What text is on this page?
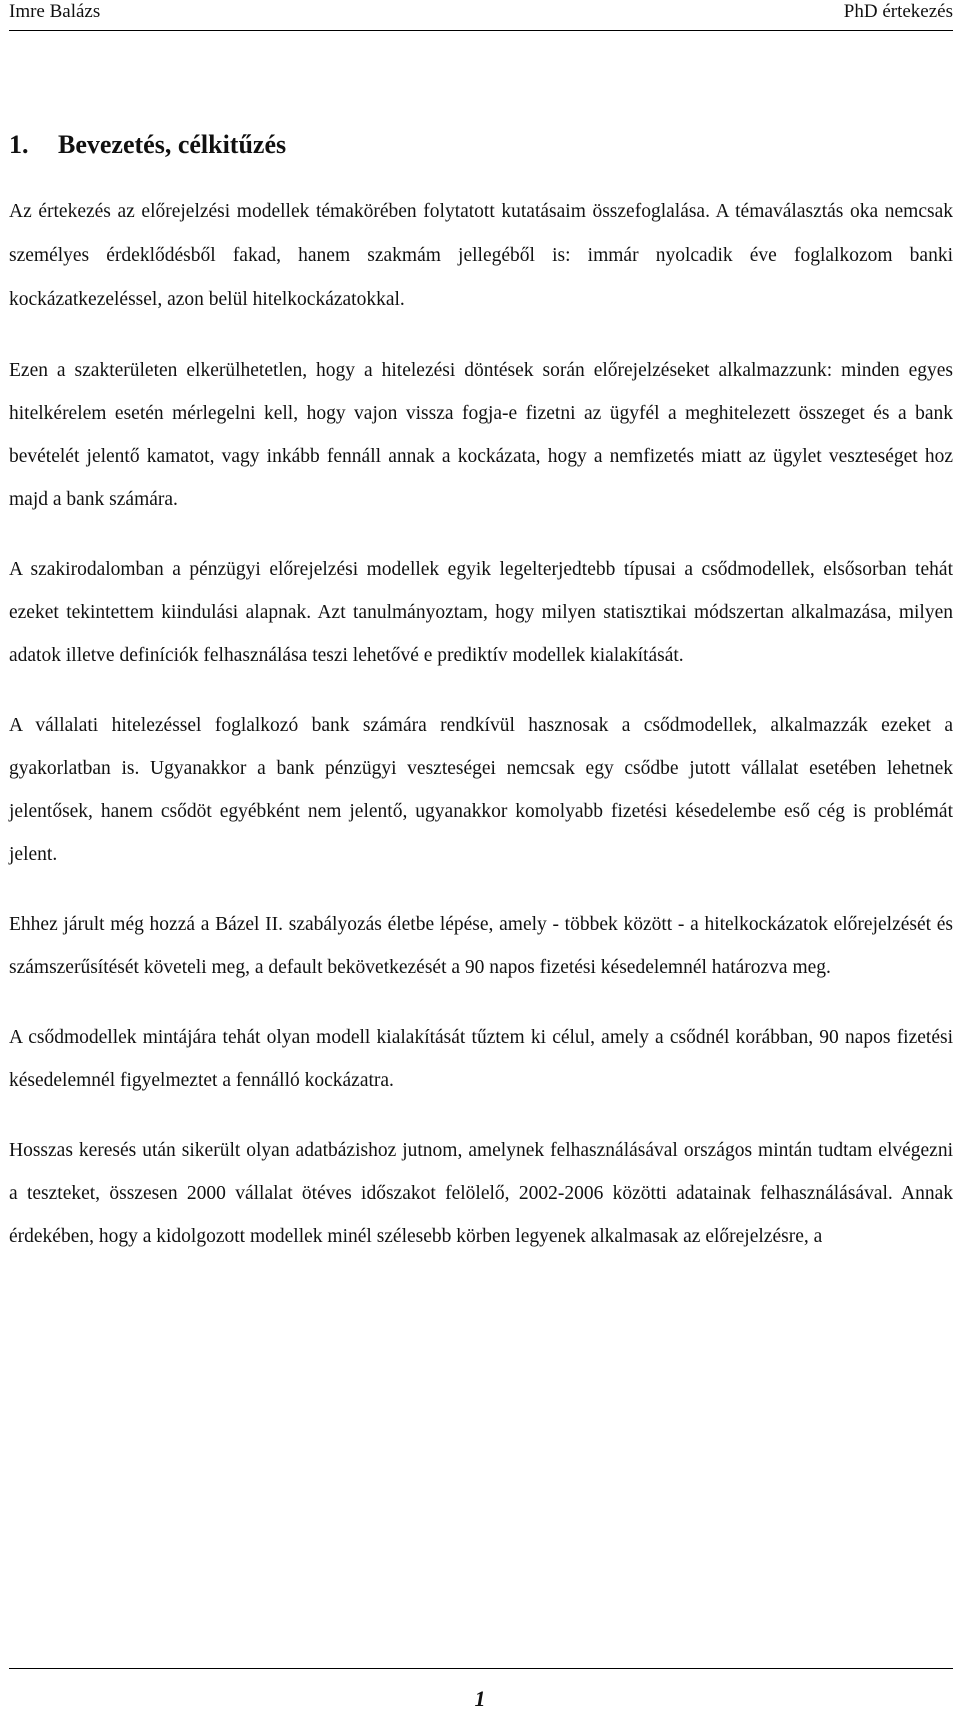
Imre Balázs	PhD értekezés
1. Bevezetés, célkitűzés

Az értekezés az előrejelzési modellek témakörében folytatott kutatásaim összefoglalása. A témaválasztás oka nemcsak személyes érdeklődésből fakad, hanem szakmám jellegéből is: immár nyolcadik éve foglalkozom banki kockázatkezeléssel, azon belül hitelkockázatokkal.

Ezen a szakterületen elkerülhetetlen, hogy a hitelezési döntések során előrejelzéseket alkalmazzunk: minden egyes hitelkérelem esetén mérlegelni kell, hogy vajon vissza fogja-e fizetni az ügyfél a meghitelezett összeget és a bank bevételét jelentő kamatot, vagy inkább fennáll annak a kockázata, hogy a nemfizetés miatt az ügylet veszteséget hoz majd a bank számára.

A szakirodalomban a pénzügyi előrejelzési modellek egyik legelterjedtebb típusai a csődmodellek, elsősorban tehát ezeket tekintettem kiindulási alapnak. Azt tanulmányoztam, hogy milyen statisztikai módszertan alkalmazása, milyen adatok illetve definíciók felhasználása teszi lehetővé e prediktív modellek kialakítását.

A vállalati hitelezéssel foglalkozó bank számára rendkívül hasznosak a csődmodellek, alkalmazzák ezeket a gyakorlatban is. Ugyanakkor a bank pénzügyi veszteségei nemcsak egy csődbe jutott vállalat esetében lehetnek jelentősek, hanem csődöt egyébként nem jelentő, ugyanakkor komolyabb fizetési késedelembe eső cég is problémát jelent.

Ehhez járult még hozzá a Bázel II. szabályozás életbe lépése, amely - többek között - a hitelkockázatok előrejelzését és számszerűsítését követeli meg, a default bekövetkezését a 90 napos fizetési késedelemnél határozva meg.

A csődmodellek mintájára tehát olyan modell kialakítását tűztem ki célul, amely a csődnél korábban, 90 napos fizetési késedelemnél figyelmeztet a fennálló kockázatra.

Hosszas keresés után sikerült olyan adatbázishoz jutnom, amelynek felhasználásával országos mintán tudtam elvégezni a teszteket, összesen 2000 vállalat ötéves időszakot felölelő, 2002-2006 közötti adatainak felhasználásával. Annak érdekében, hogy a kidolgozott modellek minél szélesebb körben legyenek alkalmasak az előrejelzésre, a

1
